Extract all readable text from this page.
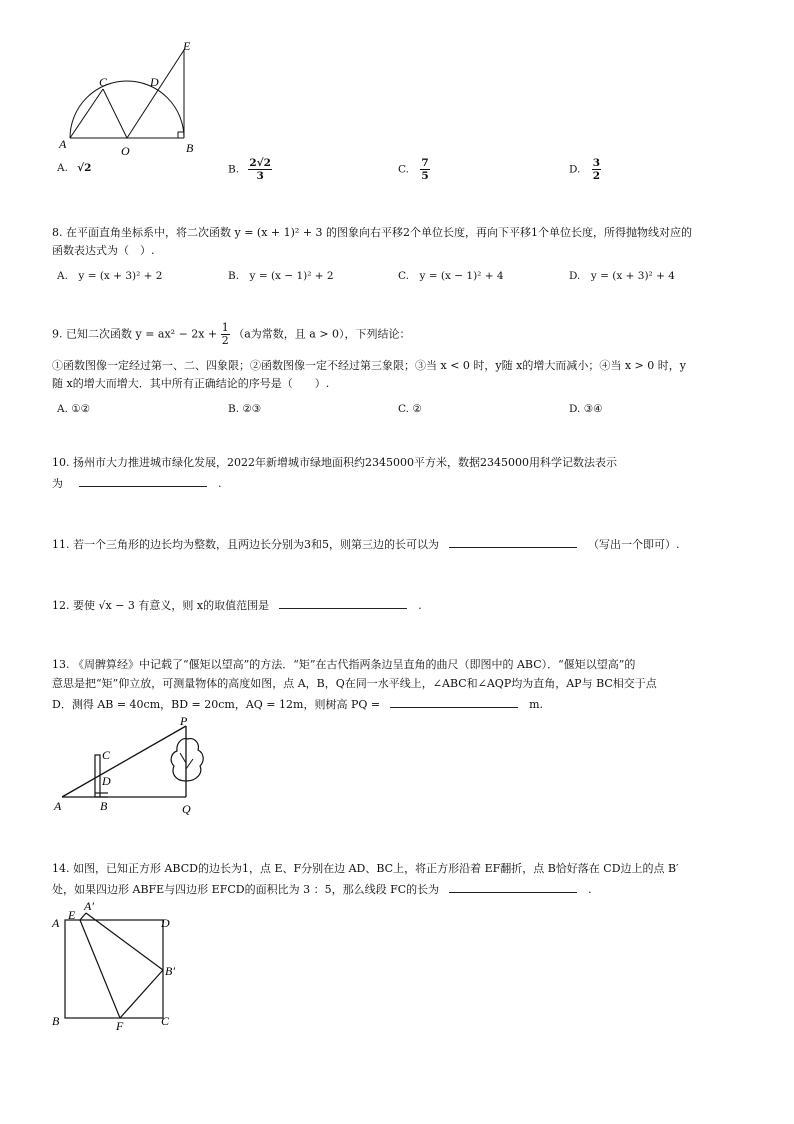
E
C	D
A	O	B
A. √2	B. $\frac{2√2}{3}$	C. $\frac{7}{5}$	D. $\frac{3}{2}$
8. 在平面直角坐标系中，将二次函数 y = (x + 1)² + 3 的图象向右平移2个单位长度，再向下平移1个单位长度，所得抛物线对应的
函数表达式为（　）.
A.　y = (x + 3)² + 2	B.　y = (x − 1)² + 2	C.　y = (x − 1)² + 4	D.　y = (x + 3)² + 4
9. 已知二次函数 $y = ax^2 - 2x + \frac{1}{2} (a$为常数，且 a > 0），下列结论：
①函数图像一定经过第一、二、四象限；②函数图像一定不经过第三象限；③当 x < 0 时，y随 x的增大而减小；④当 x > 0 时，y
随 x的增大而增大．其中所有正确结论的序号是（　　）.
A. ①②	B. ②③	C. ②	D. ③④
10. 扬州市大力推进城市绿化发展，2022年新增城市绿地面积约2345000平方米，数据2345000用科学记数法表示
为	.
11. 若一个三角形的边长均为整数，且两边长分别为3和5，则第三边的长可以为	（写出一个即可）.
12. 要使 √x − 3 有意义，则 x的取值范围是	.
13. 《周髀算经》中记载了“偃矩以望高”的方法．“矩”在古代指两条边呈直角的曲尺（即图中的 ABC）．“偃矩以望高”的
意思是把“矩”仰立放，可测量物体的高度如图，点 A，B，Q在同一水平线上，∠ABC和∠AQP均为直角，AP与 BC相交于点
D．测得 AB = 40cm，BD = 20cm，AQ = 12m，则树高 PQ =	m.
P
C
D
A	B	Q
14. 如图，已知正方形 ABCD的边长为1，点 E、F分别在边 AD、BC上，将正方形沿着 EF翻折，点 B恰好落在 CD边上的点 B′
处，如果四边形 ABFE与四边形 EFCD的面积比为 3 ：5，那么线段 FC的长为	.
A′
A
E
D
B′
B	F	C
